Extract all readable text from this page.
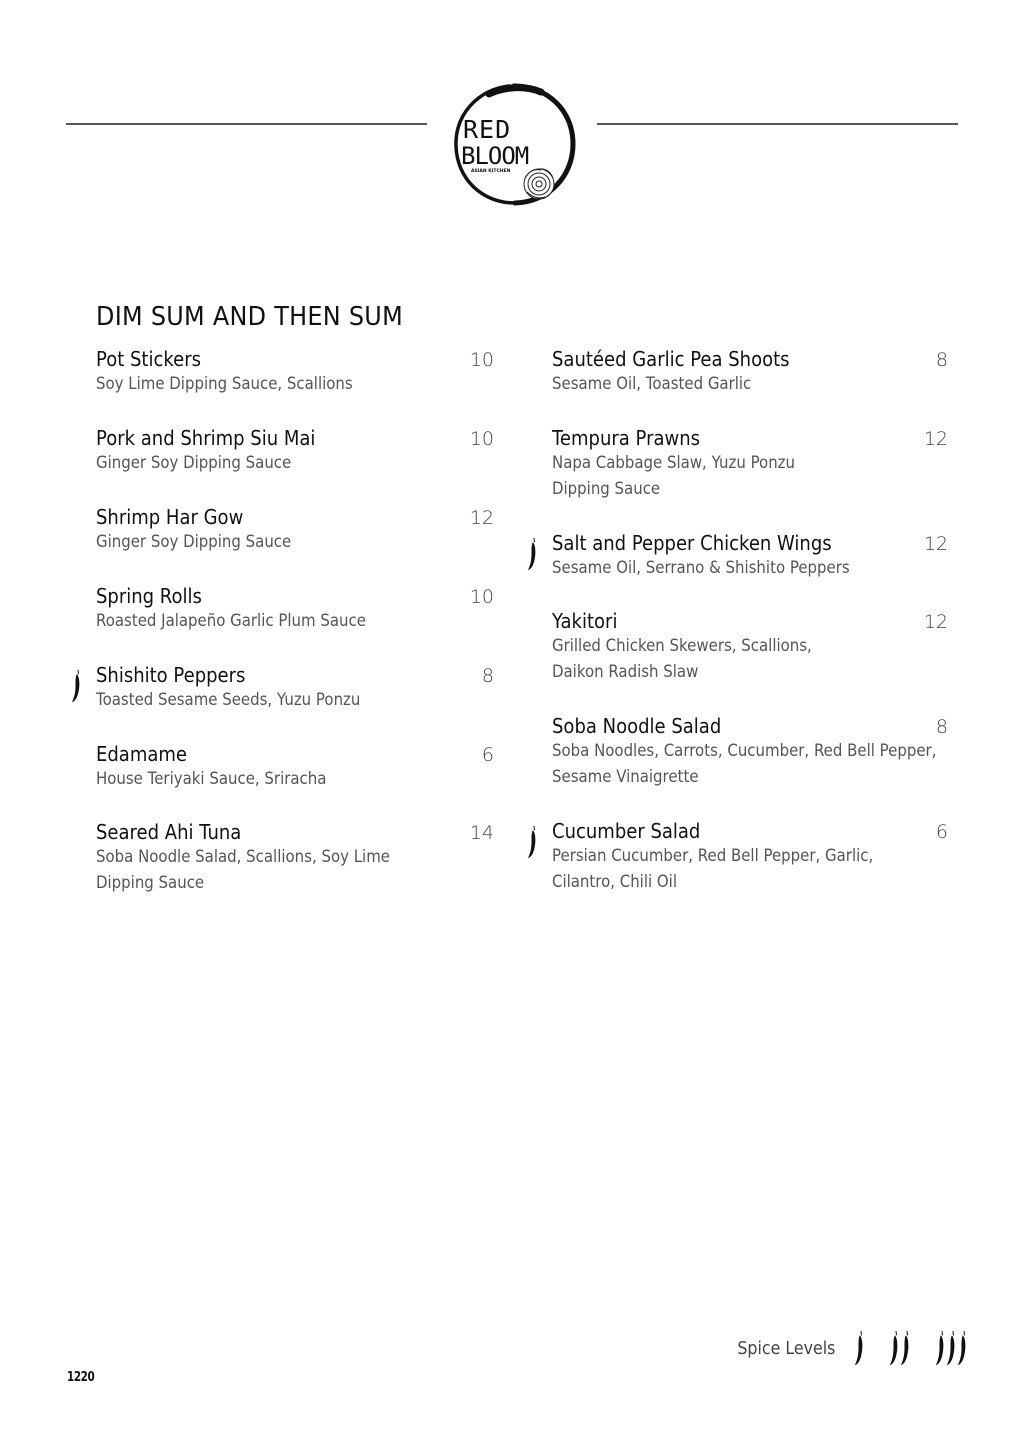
RED
BLOOM
ASIAN KITCHEN
DIM SUM AND THEN SUM
Pot Stickers	10
Soy Lime Dipping Sauce, Scallions
Pork and Shrimp Siu Mai	10
Ginger Soy Dipping Sauce
Shrimp Har Gow	12
Ginger Soy Dipping Sauce
Spring Rolls	10
Roasted Jalapeño Garlic Plum Sauce
Shishito Peppers	8
Toasted Sesame Seeds, Yuzu Ponzu
Edamame	6
House Teriyaki Sauce, Sriracha
Seared Ahi Tuna	14
Soba Noodle Salad, Scallions, Soy Lime
Dipping Sauce
Sautéed Garlic Pea Shoots	8
Sesame Oil, Toasted Garlic
Tempura Prawns	12
Napa Cabbage Slaw, Yuzu Ponzu
Dipping Sauce
Salt and Pepper Chicken Wings	12
Sesame Oil, Serrano & Shishito Peppers
Yakitori	12
Grilled Chicken Skewers, Scallions,
Daikon Radish Slaw
Soba Noodle Salad	8
Soba Noodles, Carrots, Cucumber, Red Bell Pepper,
Sesame Vinaigrette
Cucumber Salad	6
Persian Cucumber, Red Bell Pepper, Garlic,
Cilantro, Chili Oil
Spice Levels
1220
